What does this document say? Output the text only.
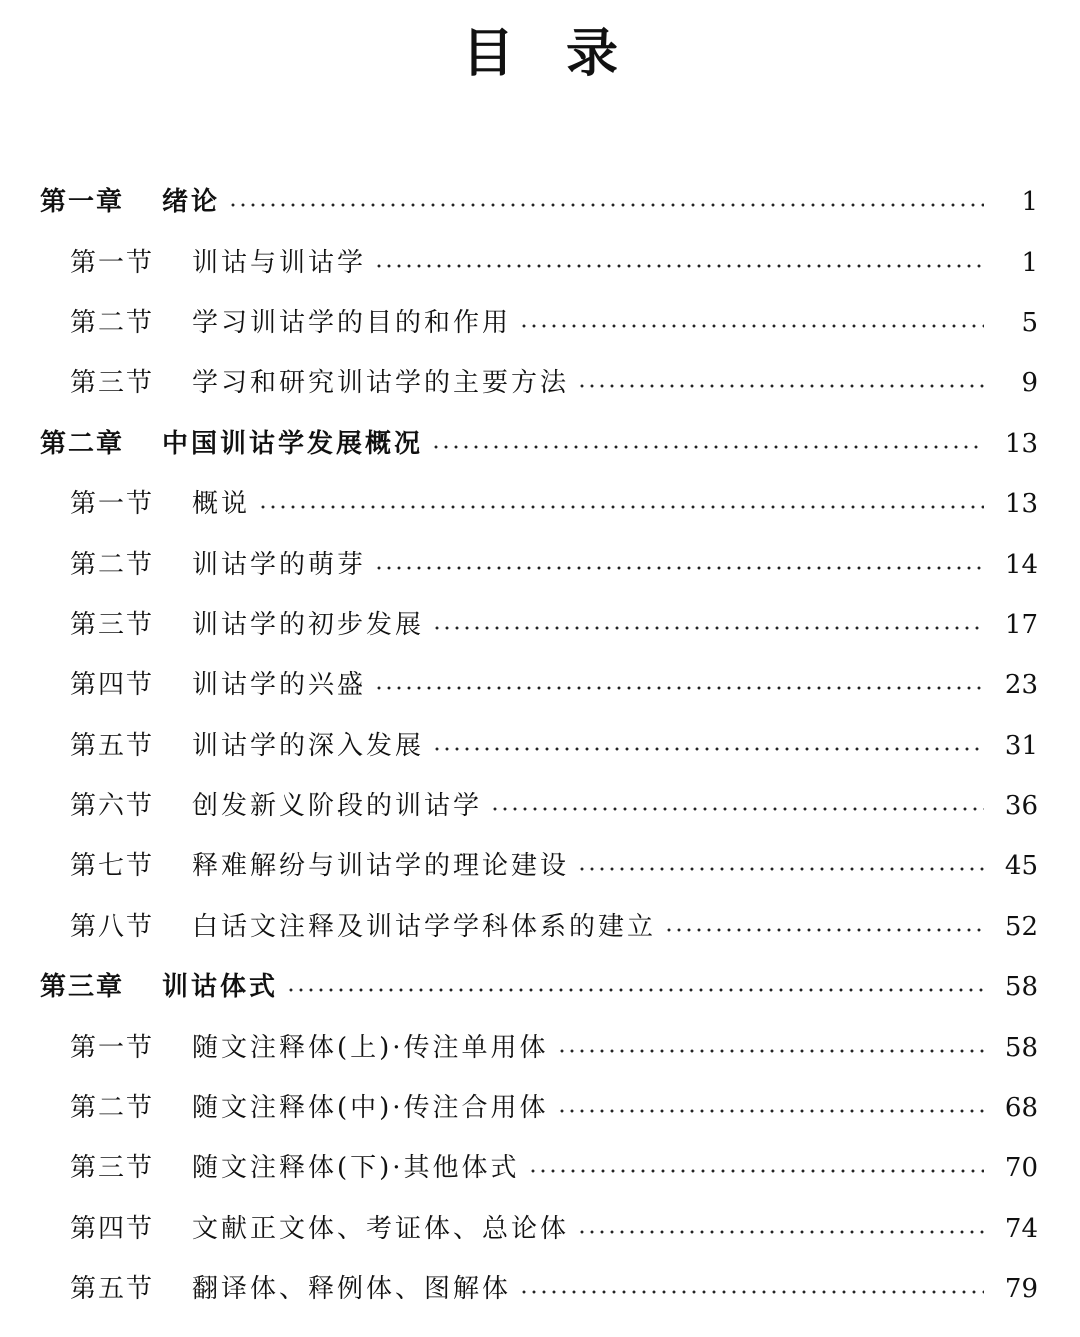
目录
第一章	绪论	1
第一节	训诂与训诂学	1
第二节	学习训诂学的目的和作用	5
第三节	学习和研究训诂学的主要方法	9
第二章	中国训诂学发展概况	13
第一节	概说	13
第二节	训诂学的萌芽	14
第三节	训诂学的初步发展	17
第四节	训诂学的兴盛	23
第五节	训诂学的深入发展	31
第六节	创发新义阶段的训诂学	36
第七节	释难解纷与训诂学的理论建设	45
第八节	白话文注释及训诂学学科体系的建立	52
第三章	训诂体式	58
第一节	随文注释体(上)·传注单用体	58
第二节	随文注释体(中)·传注合用体	68
第三节	随文注释体(下)·其他体式	70
第四节	文献正文体、考证体、总论体	74
第五节	翻译体、释例体、图解体	79
